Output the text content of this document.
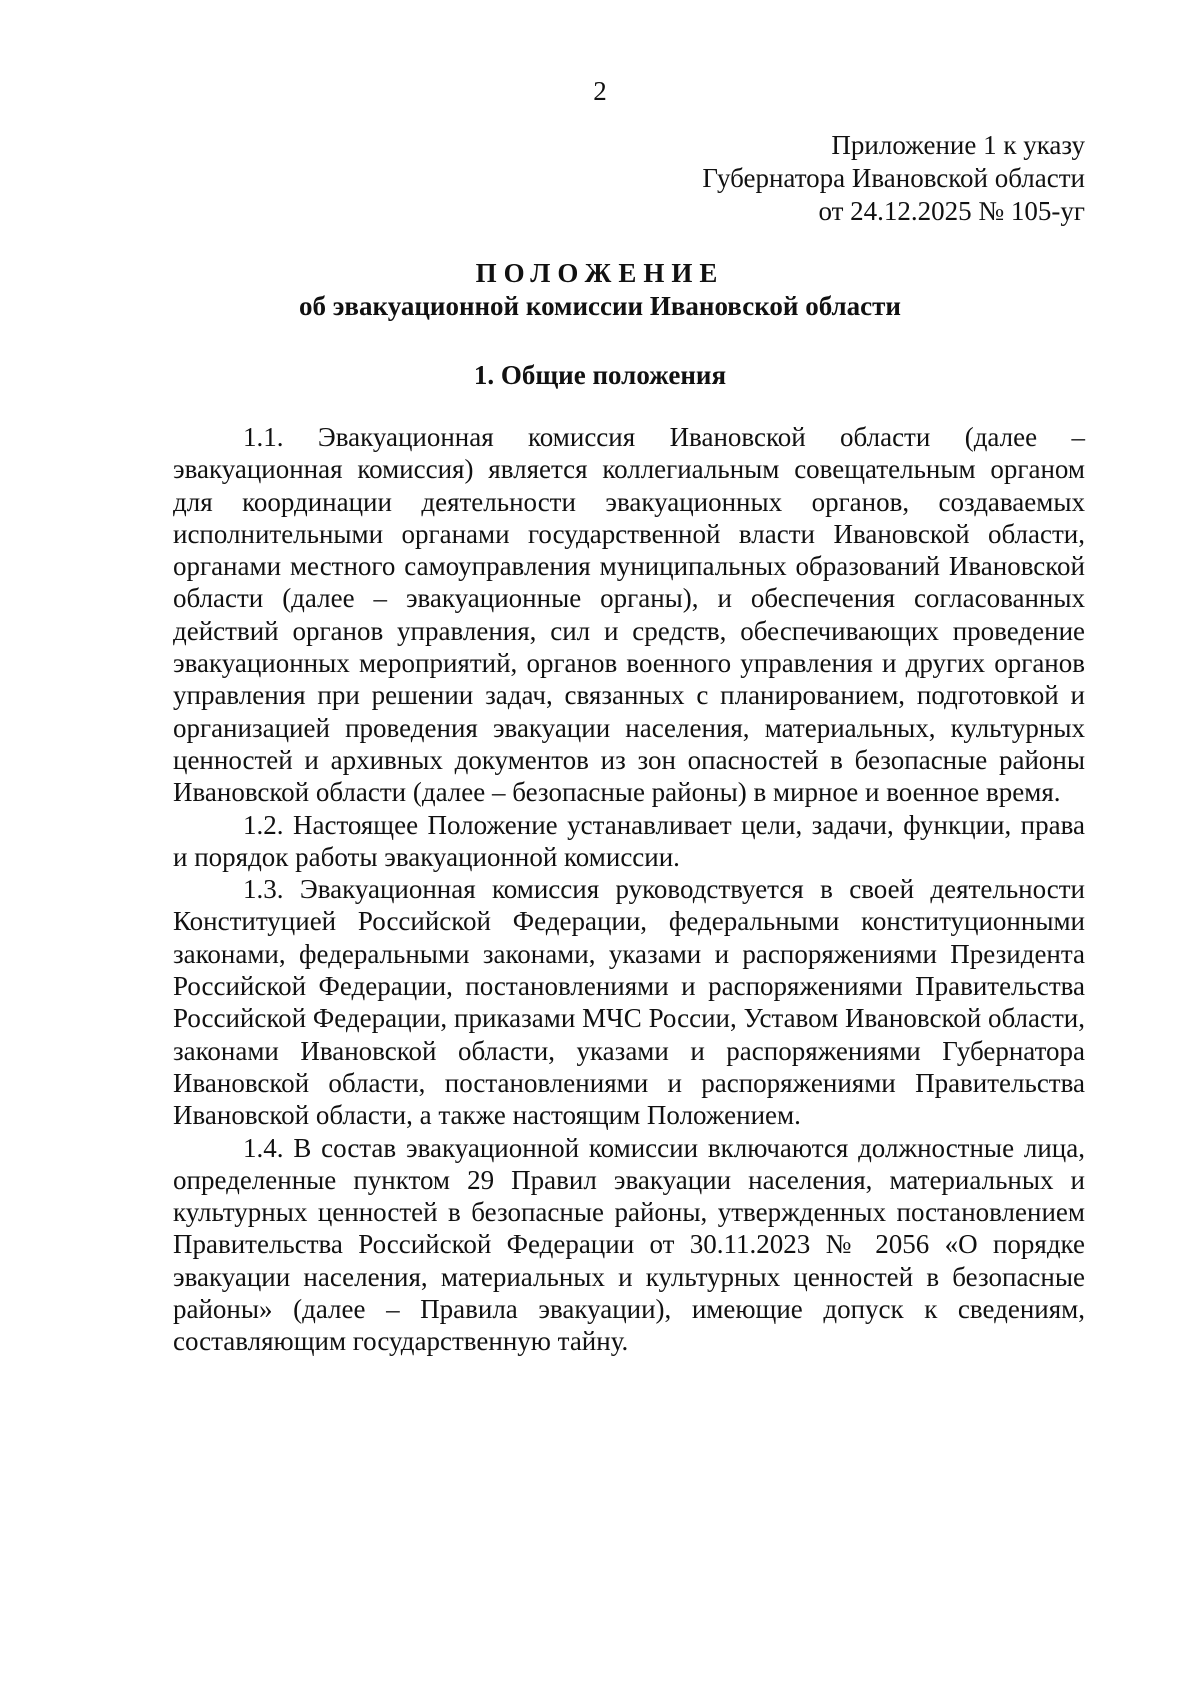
2
Приложение 1 к указу
Губернатора Ивановской области
от 24.12.2025 № 105-уг
ПОЛОЖЕНИЕ
об эвакуационной комиссии Ивановской области
1. Общие положения

1.1. Эвакуационная комиссия Ивановской области (далее – эвакуационная комиссия) является коллегиальным совещательным органом для координации деятельности эвакуационных органов, создаваемых исполнительными органами государственной власти Ивановской области, органами местного самоуправления муниципальных образований Ивановской области (далее – эвакуационные органы), и обеспечения согласованных действий органов управления, сил и средств, обеспечивающих проведение эвакуационных мероприятий, органов военного управления и других органов управления при решении задач, связанных с планированием, подготовкой и организацией проведения эвакуации населения, материальных, культурных ценностей и архивных документов из зон опасностей в безопасные районы Ивановской области (далее – безопасные районы) в мирное и военное время.

1.2. Настоящее Положение устанавливает цели, задачи, функции, права и порядок работы эвакуационной комиссии.

1.3. Эвакуационная комиссия руководствуется в своей деятельности Конституцией Российской Федерации, федеральными конституционными законами, федеральными законами, указами и распоряжениями Президента Российской Федерации, постановлениями и распоряжениями Правительства Российской Федерации, приказами МЧС России, Уставом Ивановской области, законами Ивановской области, указами и распоряжениями Губернатора Ивановской области, постановлениями и распоряжениями Правительства Ивановской области, а также настоящим Положением.

1.4. В состав эвакуационной комиссии включаются должностные лица, определенные пунктом 29 Правил эвакуации населения, материальных и культурных ценностей в безопасные районы, утвержденных постановлением Правительства Российской Федерации от 30.11.2023 № 2056 «О порядке эвакуации населения, материальных и культурных ценностей в безопасные районы» (далее – Правила эвакуации), имеющие допуск к сведениям, составляющим государственную тайну.
